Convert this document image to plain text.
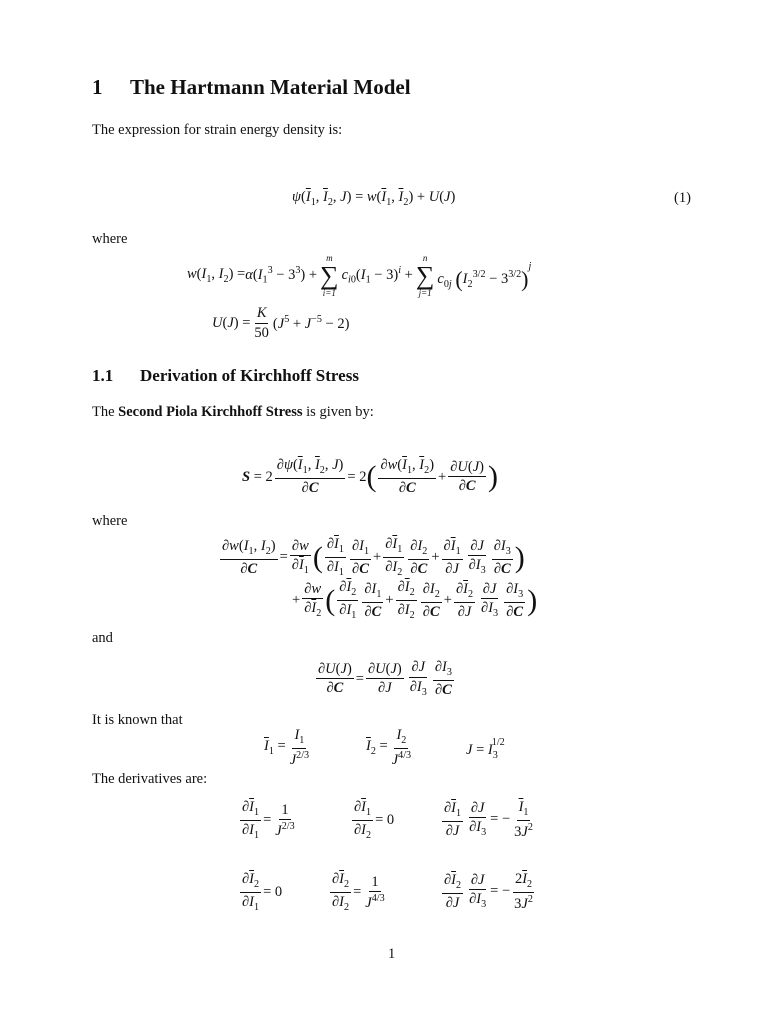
1 The Hartmann Material Model
The expression for strain energy density is:
$\psi(\overline{I}_1$, $\overline{I}_2$, $J) = w(\overline{I}_1$, $\overline{I}_2) + U(J)$	(1)
where
$w(I_1$, $I_2) = \alpha(I_1^3 - 3^3)$ +
m
∑
i=1
$c_{i0}(I_1 - 3)^i$ +
n
∑
j=1
$c_{0j}$ $(I_2^{3/2} - 3^{3/2})^j$
$U(J) = \frac{K}{50} (J^5 + J^{-5} - 2)$
1.1 Derivation of Kirchhoff Stress
The Second Piola Kirchhoff Stress is given by:
$S = 2 \frac{\partial\psi(\overline{I}_1, \overline{I}_2, J)}{\partial C} = 2$ ( $\frac{\partial w(\overline{I}_1, \overline{I}_2)}{\partial C} + \frac{\partial U(J)}{\partial C}$ )
where
$\frac{\partial w(I_1, I_2)}{\partial C} = \frac{\partial w}{\partial\overline{I}_1}$ ( $\frac{\partial\overline{I}_1}{\partial I_1} \frac{\partial I_1}{\partial C} + \frac{\partial\overline{I}_1}{\partial I_2} \frac{\partial I_2}{\partial C} + \frac{\partial\overline{I}_1}{\partial J} \frac{\partial J}{\partial I_3} \frac{\partial I_3}{\partial C}$ )
+ $\frac{\partial w}{\partial\overline{I}_2}$ ( $\frac{\partial\overline{I}_2}{\partial I_1} \frac{\partial I_1}{\partial C} + \frac{\partial\overline{I}_2}{\partial I_2} \frac{\partial I_2}{\partial C} + \frac{\partial\overline{I}_2}{\partial J} \frac{\partial J}{\partial I_3} \frac{\partial I_3}{\partial C}$ )
and
$\frac{\partial U(J)}{\partial C} = \frac{\partial U(J)}{\partial J} \frac{\partial J}{\partial I_3} \frac{\partial I_3}{\partial C}$
It is known that
$\overline{I}_1 = \frac{I_1}{J^{2/3}}$	$\overline{I}_2 = \frac{I_2}{J^{4/3}}$	$J = I_3^{1/2}$
The derivatives are:
$\frac{\partial\overline{I}_1}{\partial I_1} = \frac{1}{J^{2/3}}$	$\frac{\partial\overline{I}_1}{\partial I_2} = 0$	$\frac{\partial\overline{I}_1}{\partial J} \frac{\partial J}{\partial I_3}$ = − $\frac{\overline{I}_1}{3J^2}$
$\frac{\partial\overline{I}_2}{\partial I_1} = 0$	$\frac{\partial\overline{I}_2}{\partial I_2} = \frac{1}{J^{4/3}}$	$\frac{\partial\overline{I}_2}{\partial J} \frac{\partial J}{\partial I_3}$ = − $\frac{2\overline{I}_2}{3J^2}$
1
